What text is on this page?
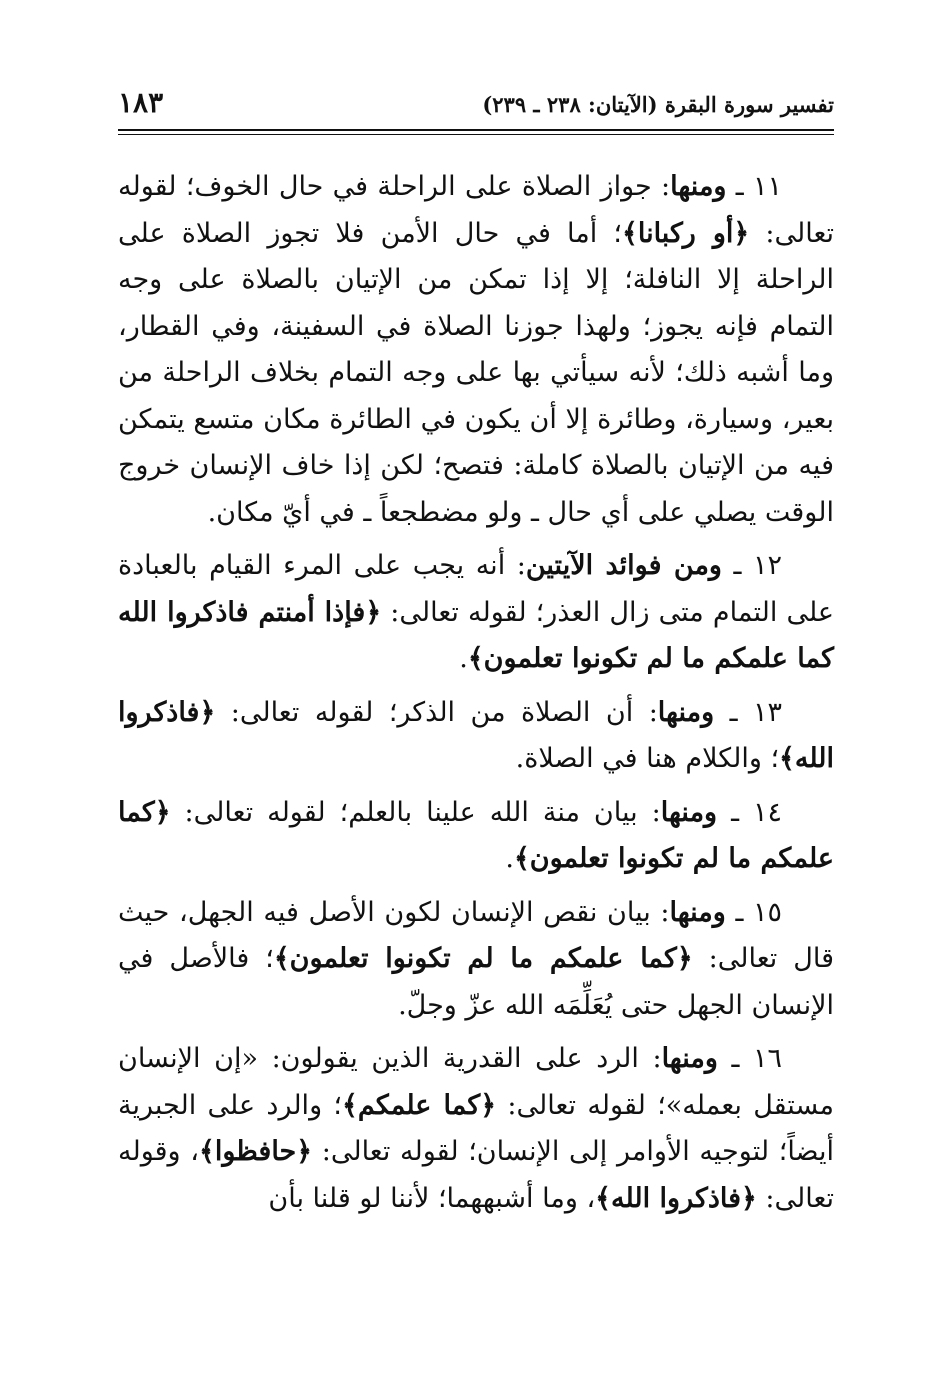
تفسير سورة البقرة (الآيتان: ٢٣٨ ـ ٢٣٩)
١٨٣

١١ ـ ومنها: جواز الصلاة على الراحلة في حال الخوف؛ لقوله تعالى: ﴿أو ركبانا﴾؛ أما في حال الأمن فلا تجوز الصلاة على الراحلة إلا النافلة؛ إلا إذا تمكن من الإتيان بالصلاة على وجه التمام فإنه يجوز؛ ولهذا جوزنا الصلاة في السفينة، وفي القطار، وما أشبه ذلك؛ لأنه سيأتي بها على وجه التمام بخلاف الراحلة من بعير، وسيارة، وطائرة إلا أن يكون في الطائرة مكان متسع يتمكن فيه من الإتيان بالصلاة كاملة: فتصح؛ لكن إذا خاف الإنسان خروج الوقت يصلي على أي حال ـ ولو مضطجعاً ـ في أيّ مكان.

١٢ ـ ومن فوائد الآيتين: أنه يجب على المرء القيام بالعبادة على التمام متى زال العذر؛ لقوله تعالى: ﴿فإذا أمنتم فاذكروا الله كما علمكم ما لم تكونوا تعلمون﴾.

١٣ ـ ومنها: أن الصلاة من الذكر؛ لقوله تعالى: ﴿فاذكروا الله﴾؛ والكلام هنا في الصلاة.

١٤ ـ ومنها: بيان منة الله علينا بالعلم؛ لقوله تعالى: ﴿كما علمكم ما لم تكونوا تعلمون﴾.

١٥ ـ ومنها: بيان نقص الإنسان لكون الأصل فيه الجهل، حيث قال تعالى: ﴿كما علمكم ما لم تكونوا تعلمون﴾؛ فالأصل في الإنسان الجهل حتى يُعَلِّمَه الله عزّ وجلّ.

١٦ ـ ومنها: الرد على القدرية الذين يقولون: «إن الإنسان مستقل بعمله»؛ لقوله تعالى: ﴿كما علمكم﴾؛ والرد على الجبرية أيضاً؛ لتوجيه الأوامر إلى الإنسان؛ لقوله تعالى: ﴿حافظوا﴾، وقوله تعالى: ﴿فاذكروا الله﴾، وما أشبههما؛ لأننا لو قلنا بأن
